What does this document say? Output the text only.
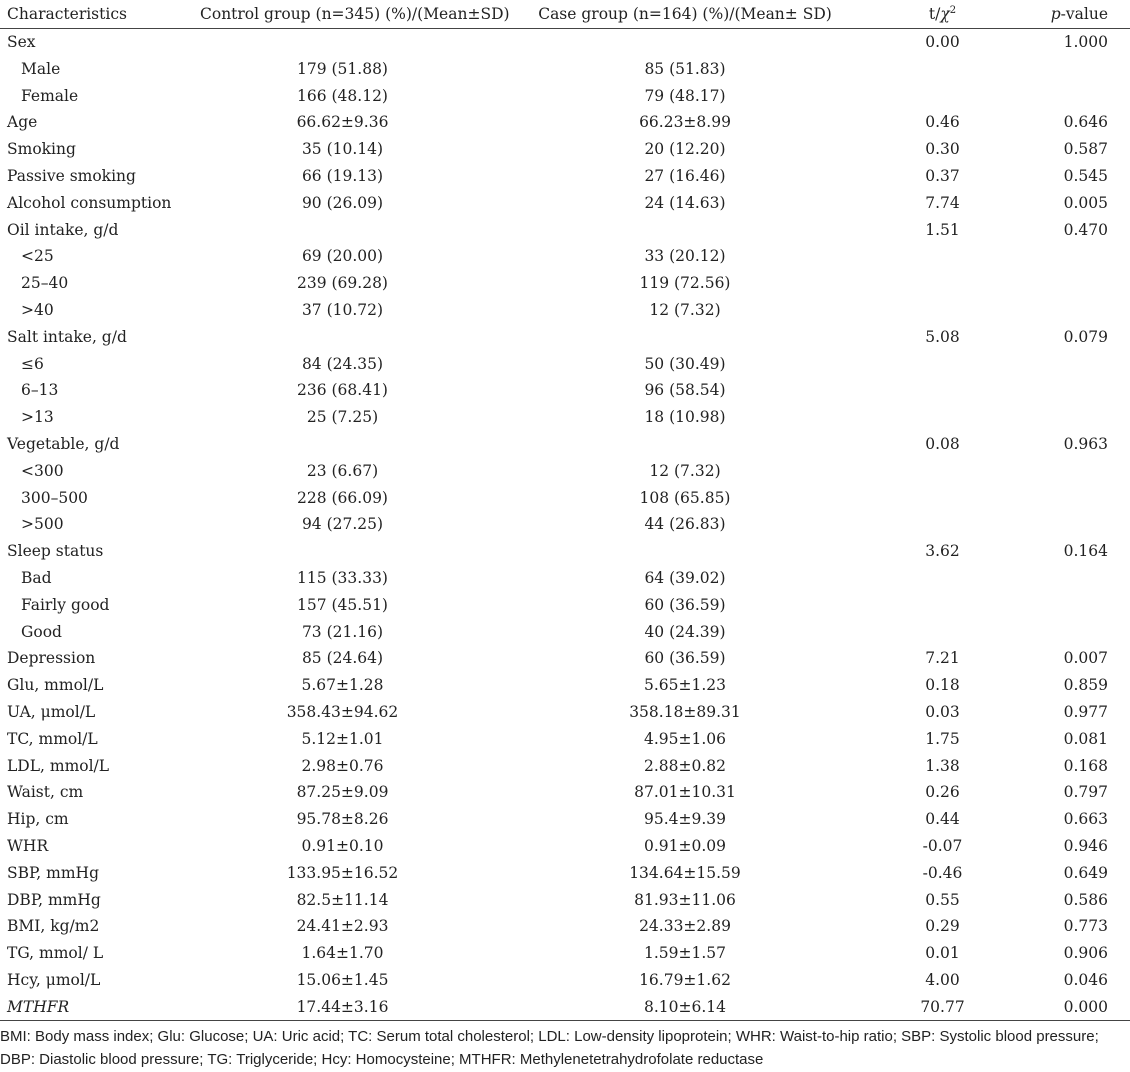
Characteristics	Control group (n=345) (%)/(Mean±SD)	Case group (n=164) (%)/(Mean± SD)	$t/\chi^2$	p-value
Sex			0.00	1.000
Male	179 (51.88)	85 (51.83)		
Female	166 (48.12)	79 (48.17)		
Age	66.62±9.36	66.23±8.99	0.46	0.646
Smoking	35 (10.14)	20 (12.20)	0.30	0.587
Passive smoking	66 (19.13)	27 (16.46)	0.37	0.545
Alcohol consumption	90 (26.09)	24 (14.63)	7.74	0.005
Oil intake, g/d			1.51	0.470
<25	69 (20.00)	33 (20.12)		
25–40	239 (69.28)	119 (72.56)		
>40	37 (10.72)	12 (7.32)		
Salt intake, g/d			5.08	0.079
≤6	84 (24.35)	50 (30.49)		
6–13	236 (68.41)	96 (58.54)		
>13	25 (7.25)	18 (10.98)		
Vegetable, g/d			0.08	0.963
<300	23 (6.67)	12 (7.32)		
300–500	228 (66.09)	108 (65.85)		
>500	94 (27.25)	44 (26.83)		
Sleep status			3.62	0.164
Bad	115 (33.33)	64 (39.02)		
Fairly good	157 (45.51)	60 (36.59)		
Good	73 (21.16)	40 (24.39)		
Depression	85 (24.64)	60 (36.59)	7.21	0.007
Glu, mmol/L	5.67±1.28	5.65±1.23	0.18	0.859
UA, μmol/L	358.43±94.62	358.18±89.31	0.03	0.977
TC, mmol/L	5.12±1.01	4.95±1.06	1.75	0.081
LDL, mmol/L	2.98±0.76	2.88±0.82	1.38	0.168
Waist, cm	87.25±9.09	87.01±10.31	0.26	0.797
Hip, cm	95.78±8.26	95.4±9.39	0.44	0.663
WHR	0.91±0.10	0.91±0.09	-0.07	0.946
SBP, mmHg	133.95±16.52	134.64±15.59	-0.46	0.649
DBP, mmHg	82.5±11.14	81.93±11.06	0.55	0.586
BMI, kg/m2	24.41±2.93	24.33±2.89	0.29	0.773
TG, mmol/ L	1.64±1.70	1.59±1.57	0.01	0.906
Hcy, μmol/L	15.06±1.45	16.79±1.62	4.00	0.046
MTHFR	17.44±3.16	8.10±6.14	70.77	0.000
BMI: Body mass index; Glu: Glucose; UA: Uric acid; TC: Serum total cholesterol; LDL: Low-density lipoprotein; WHR: Waist-to-hip ratio; SBP: Systolic blood pressure; DBP: Diastolic blood pressure; TG: Triglyceride; Hcy: Homocysteine; MTHFR: Methylenetetrahydrofolate reductase
